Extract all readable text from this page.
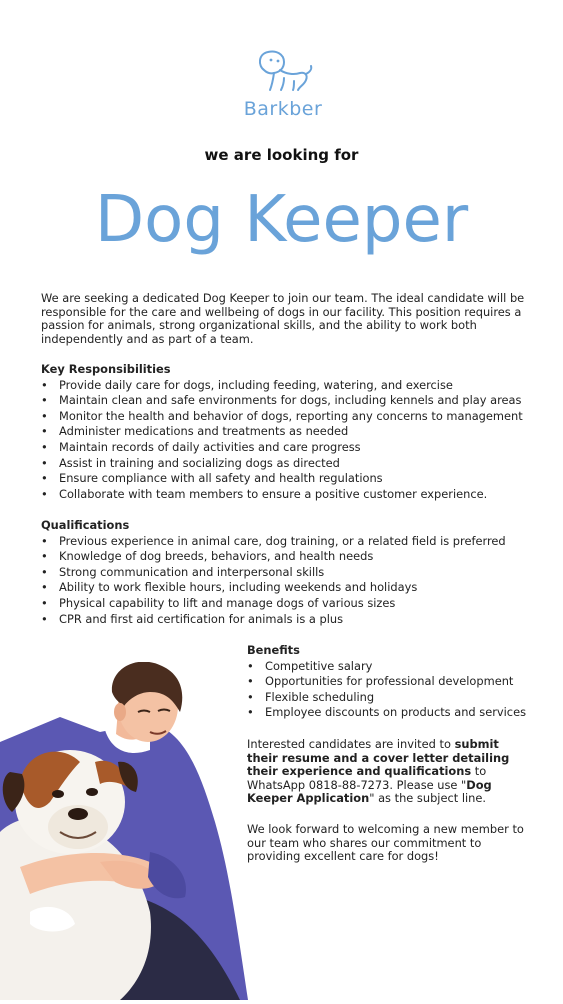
Barkber
we are looking for
Dog Keeper
We are seeking a dedicated Dog Keeper to join our team. The ideal candidate will be responsible for the care and wellbeing of dogs in our facility. This position requires a passion for animals, strong organizational skills, and the ability to work both independently and as part of a team.
Key Responsibilities
• Provide daily care for dogs, including feeding, watering, and exercise
• Maintain clean and safe environments for dogs, including kennels and play areas
• Monitor the health and behavior of dogs, reporting any concerns to management
• Administer medications and treatments as needed
• Maintain records of daily activities and care progress
• Assist in training and socializing dogs as directed
• Ensure compliance with all safety and health regulations
• Collaborate with team members to ensure a positive customer experience.
Qualifications
• Previous experience in animal care, dog training, or a related field is preferred
• Knowledge of dog breeds, behaviors, and health needs
• Strong communication and interpersonal skills
• Ability to work flexible hours, including weekends and holidays
• Physical capability to lift and manage dogs of various sizes
• CPR and first aid certification for animals is a plus
Benefits
• Competitive salary
• Opportunities for professional development
• Flexible scheduling
• Employee discounts on products and services
Interested candidates are invited to submit their resume and a cover letter detailing their experience and qualifications to WhatsApp 0818-88-7273. Please use "Dog Keeper Application" as the subject line.
We look forward to welcoming a new member to our team who shares our commitment to providing excellent care for dogs!
